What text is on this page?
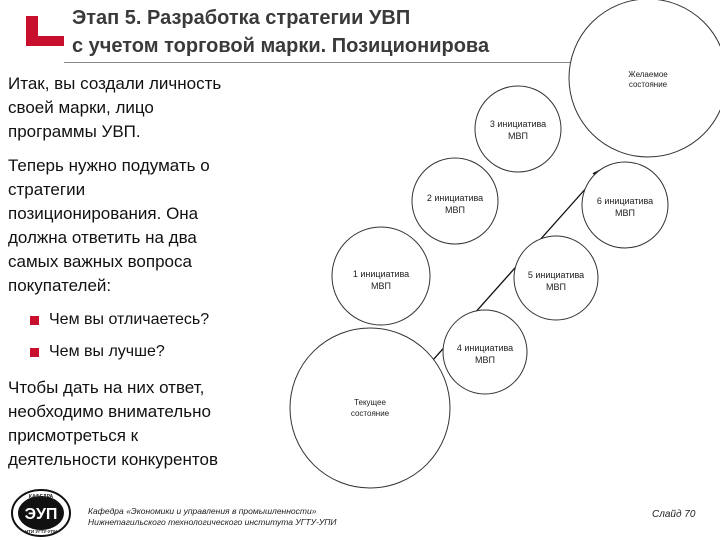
Этап 5. Разработка стратегии УВП
с учетом торговой марки. Позиционирова
Итак, вы создали личность
своей марки, лицо
программы УВП.
Теперь нужно подумать о
стратегии
позиционирования. Она
должна ответить на два
самых важных вопроса
покупателей:
Чем вы отличаетесь?
Чем вы лучше?
Чтобы дать на них ответ,
необходимо внимательно
присмотреться к
деятельности конкурентов
Желаемое
состояние
3 инициатива
МВП
2 инициатива
МВП
6 инициатива
МВП
1 инициатива
МВП
5 инициатива
МВП
4 инициатива
МВП
Текущее
состояние
КАФЕДРА
ЭУП
НТИ УГТУ-УПИ
Кафедра «Экономики и управления в промышленности»
Нижнетагильского технологического института УГТУ-УПИ
Слайд 70
